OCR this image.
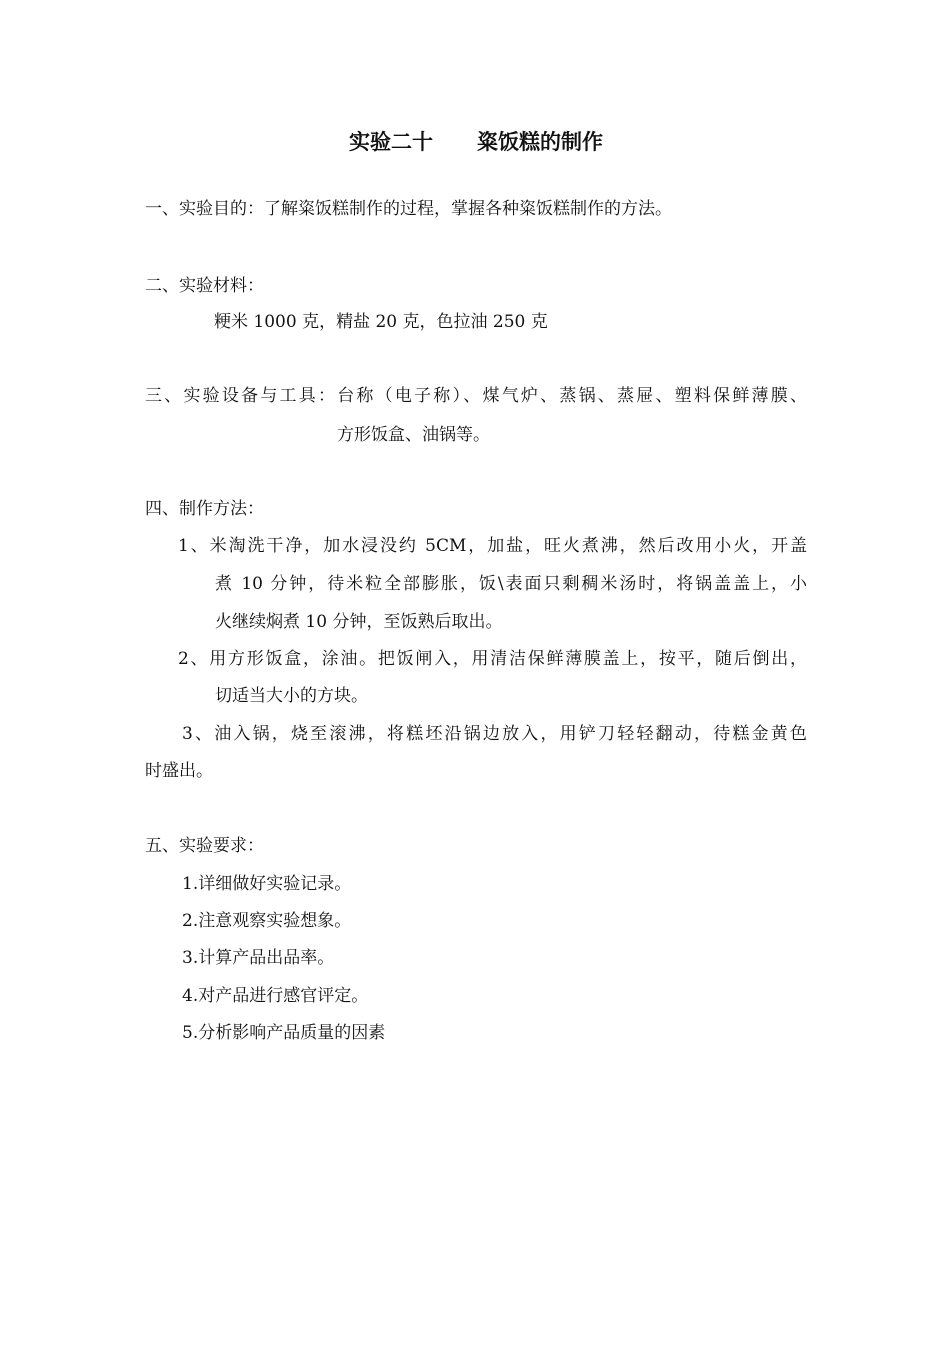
实验二十 粢饭糕的制作
一、实验目的：了解粢饭糕制作的过程，掌握各种粢饭糕制作的方法。
二、实验材料：
粳米 1000 克，精盐 20 克，色拉油 250 克
三、实验设备与工具：台称（电子称）、煤气炉、蒸锅、蒸屉、塑料保鲜薄膜、
方形饭盒、油锅等。
四、制作方法：
1、米淘洗干净，加水浸没约 5CM，加盐，旺火煮沸，然后改用小火，开盖
煮 10 分钟，待米粒全部膨胀，饭\表面只剩稠米汤时，将锅盖盖上，小
火继续焖煮 10 分钟，至饭熟后取出。
2、用方形饭盒，涂油。把饭闸入，用清洁保鲜薄膜盖上，按平，随后倒出，
切适当大小的方块。
3、油入锅，烧至滚沸，将糕坯沿锅边放入，用铲刀轻轻翻动，待糕金黄色
时盛出。
五、实验要求：
1.详细做好实验记录。
2.注意观察实验想象。
3.计算产品出品率。
4.对产品进行感官评定。
5.分析影响产品质量的因素
